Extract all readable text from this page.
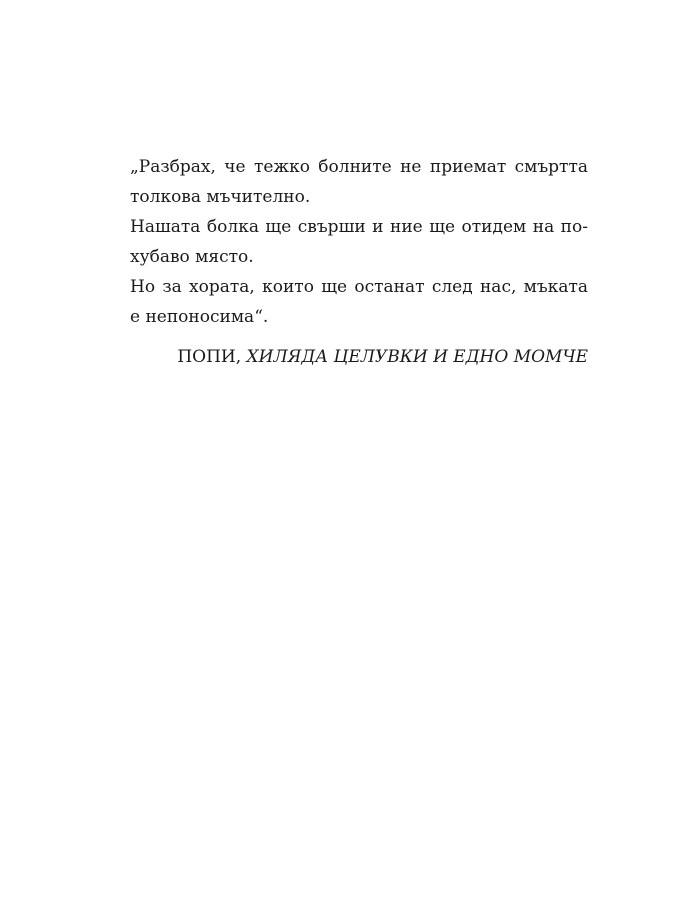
„Разбрах, че тежко болните не приемат смъртта толкова мъчително.

Нашата болка ще свърши и ние ще отидем на по-хубаво място.

Но за хората, които ще останат след нас, мъката е непоносима“.

ПОПИ, ХИЛЯДА ЦЕЛУВКИ И ЕДНО МОМЧЕ
